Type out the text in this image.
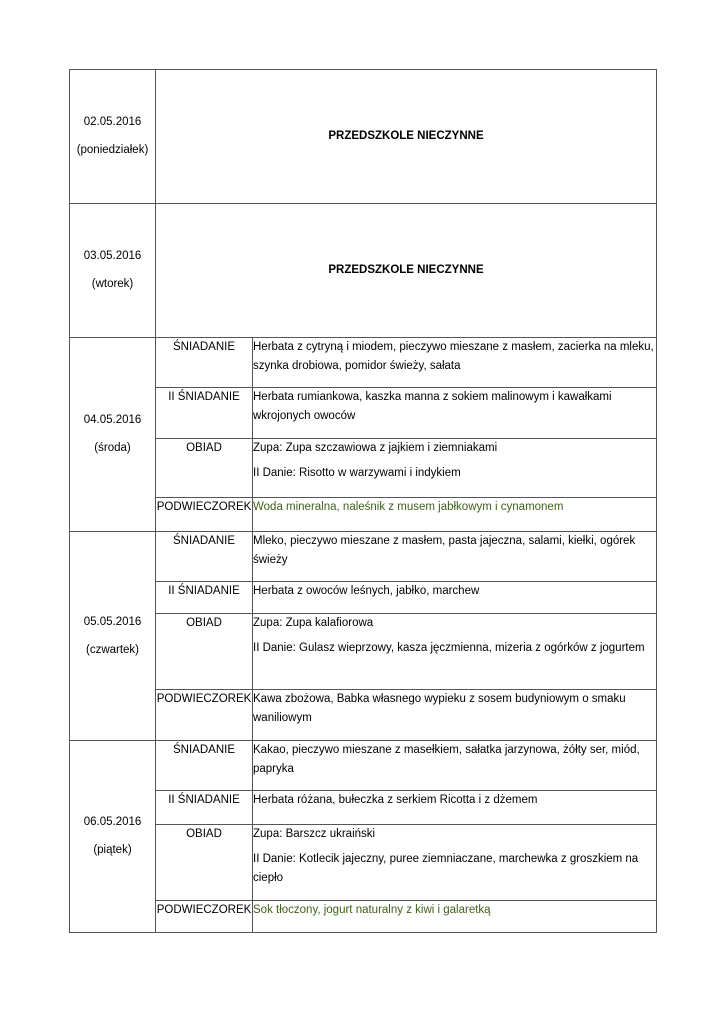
02.05.2016
(poniedziałek)	PRZEDSZKOLE NIECZYNNE	

03.05.2016
(wtorek)	PRZEDSZKOLE NIECZYNNE	

04.05.2016
(środa)	ŚNIADANIE	Herbata z cytryną i miodem, pieczywo mieszane z masłem, zacierka na mleku, szynka drobiowa, pomidor świeży, sałata

	II ŚNIADANIE	Herbata rumiankowa, kaszka manna z sokiem malinowym i kawałkami wkrojonych owoców

	OBIAD	Zupa: Zupa szczawiowa z jajkiem i ziemniakami
II Danie: Risotto w warzywami i indykiem

	PODWIECZOREK	Woda mineralna, naleśnik z musem jabłkowym i cynamonem

05.05.2016
(czwartek)	ŚNIADANIE	Mleko, pieczywo mieszane z masłem, pasta jajeczna, salami, kiełki, ogórek świeży

	II ŚNIADANIE	Herbata z owoców leśnych, jabłko, marchew

	OBIAD	Zupa: Zupa kalafiorowa
II Danie: Gulasz wieprzowy, kasza jęczmienna, mizeria z ogórków z jogurtem

	PODWIECZOREK	Kawa zbożowa, Babka własnego wypieku z sosem budyniowym o smaku waniliowym

06.05.2016
(piątek)	ŚNIADANIE	Kakao, pieczywo mieszane z masełkiem, sałatka jarzynowa, żółty ser, miód, papryka

	II ŚNIADANIE	Herbata różana, bułeczka z serkiem Ricotta i z dżemem

	OBIAD	Zupa: Barszcz ukraiński
II Danie: Kotlecik jajeczny, puree ziemniaczane, marchewka z groszkiem na ciepło

	PODWIECZOREK	Sok tłoczony, jogurt naturalny z kiwi i galaretką
